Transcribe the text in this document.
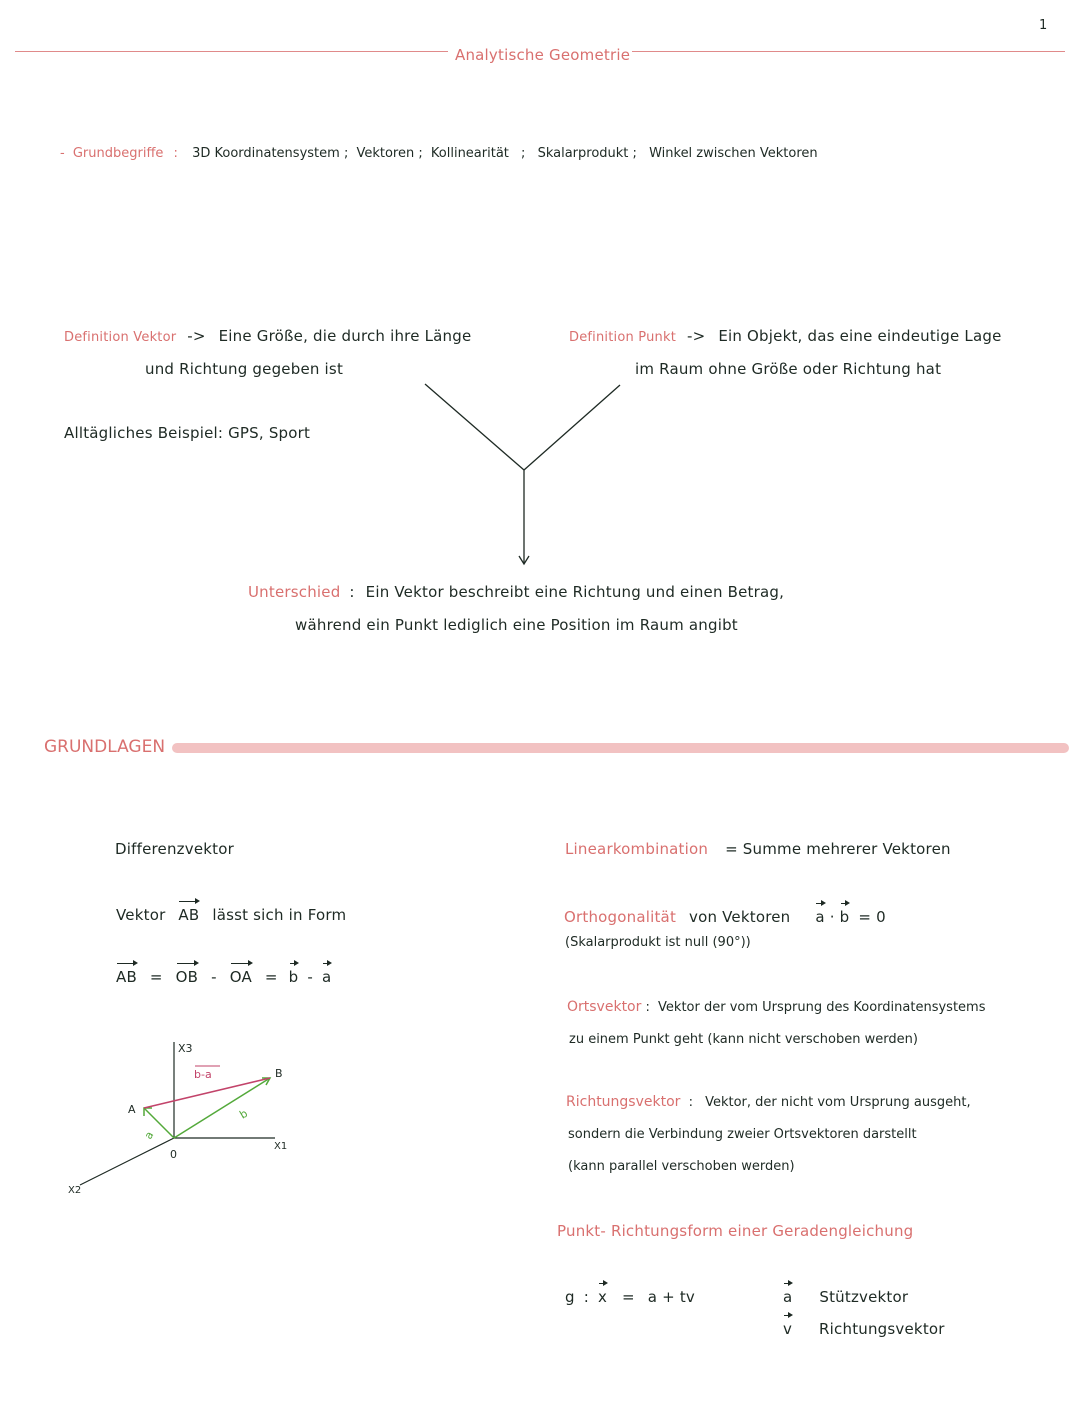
1
Analytische Geometrie
- Grundbegriffe : 3D Koordinatensystem ; Vektoren ; Kollinearität ; Skalarprodukt ; Winkel zwischen Vektoren
Definition Vektor -> Eine Größe, die durch ihre Länge
und Richtung gegeben ist
Definition Punkt -> Ein Objekt, das eine eindeutige Lage
im Raum ohne Größe oder Richtung hat
Alltägliches Beispiel: GPS, Sport
Unterschied : Ein Vektor beschreibt eine Richtung und einen Betrag,
während ein Punkt lediglich eine Position im Raum angibt
GRUNDLAGEN
Differenzvektor
Vektor AB lässt sich in Form
AB = OB - OA = b - a
X3
X1
X2
0
A
B
a
b
b-a
Linearkombination = Summe mehrerer Vektoren
Orthogonalität von Vektoren a · b = 0
(Skalarprodukt ist null (90°))
Ortsvektor : Vektor der vom Ursprung des Koordinatensystems
zu einem Punkt geht (kann nicht verschoben werden)
Richtungsvektor : Vektor, der nicht vom Ursprung ausgeht,
sondern die Verbindung zweier Ortsvektoren darstellt
(kann parallel verschoben werden)
Punkt- Richtungsform einer Geradengleichung
g : x = a + tv	a Stützvektor
v Richtungsvektor
